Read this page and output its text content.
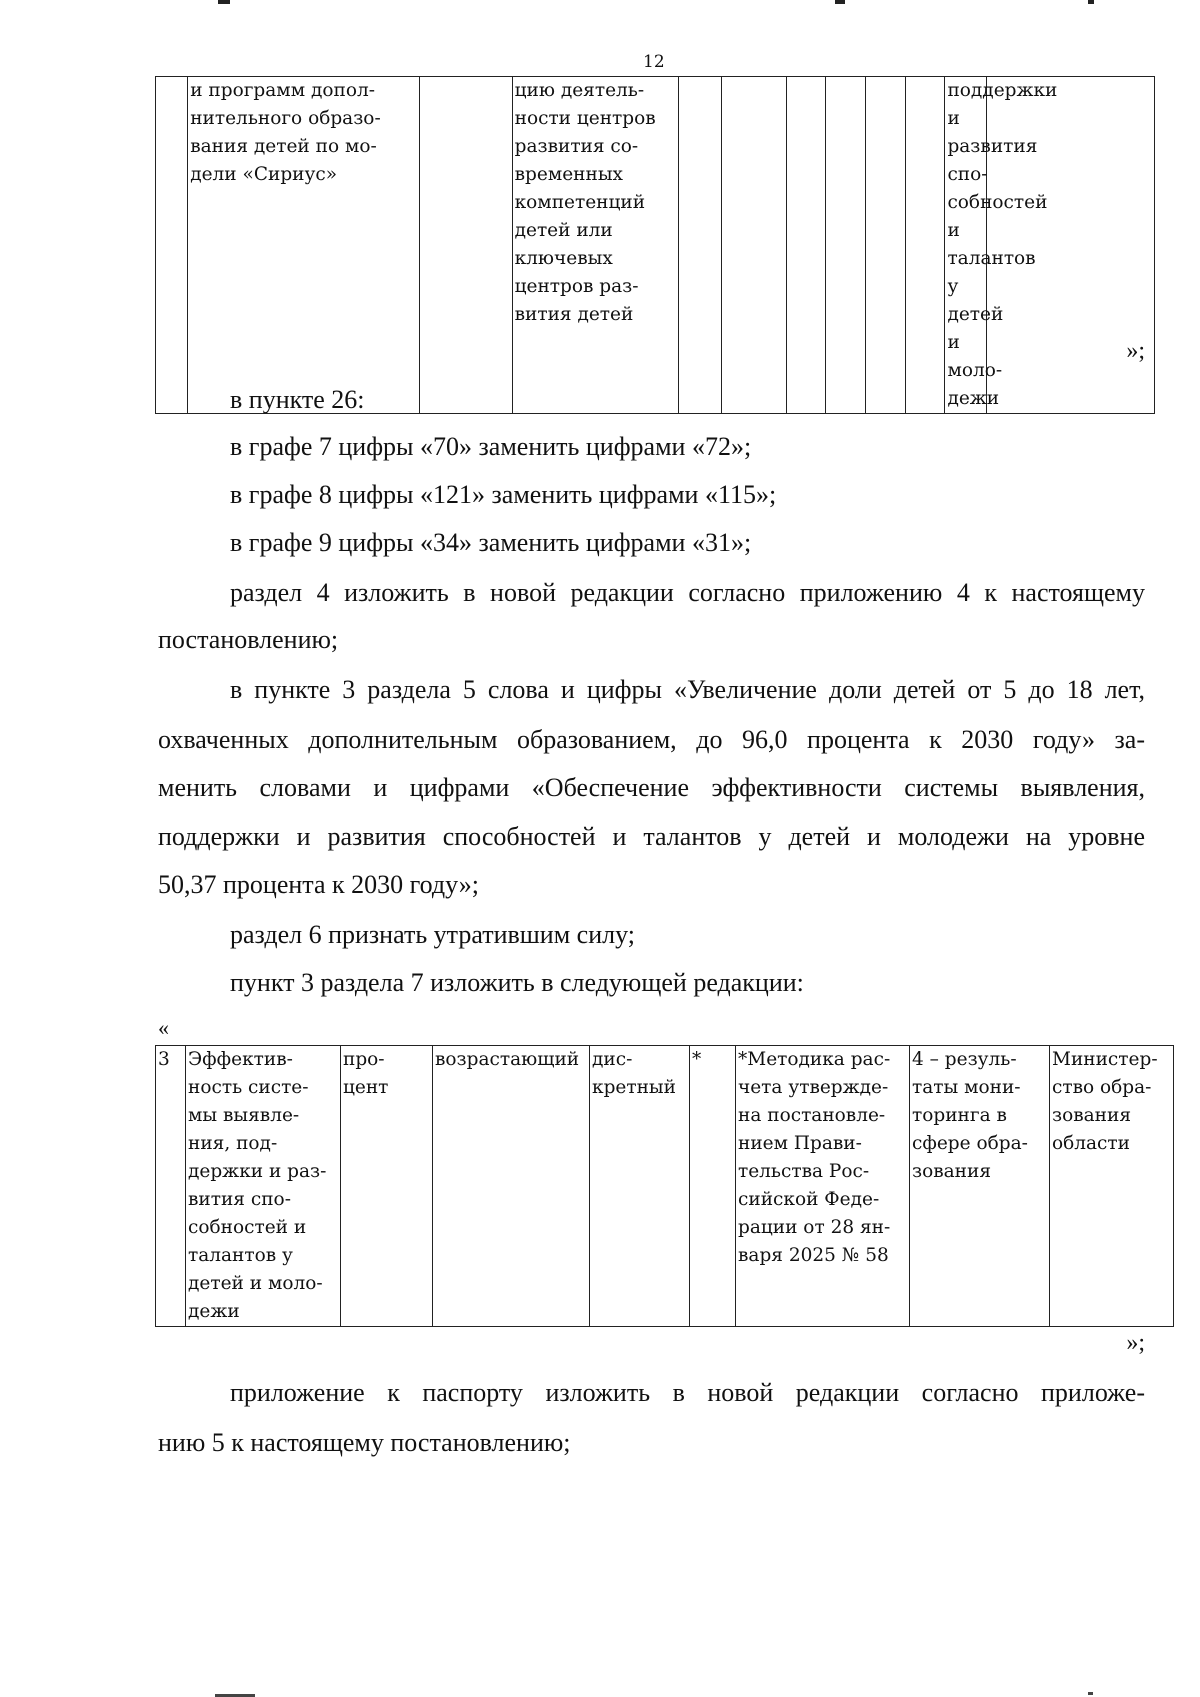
12
	и программ допол-
нительного образо-
вания детей по мо-
дели «Сириус»		цию деятель-
ности центров
развития со-
временных
компетенций
детей или
ключевых
центров раз-
вития детей							поддержки и
развития спо-
собностей и
талантов у
детей и моло-
дежи	
»;

в пункте 26:

в графе 7 цифры «70» заменить цифрами «72»;

в графе 8 цифры «121» заменить цифрами «115»;

в графе 9 цифры «34» заменить цифрами «31»;

раздел 4 изложить в новой редакции согласно приложению 4 к настоящему

постановлению;

в пункте 3 раздела 5 слова и цифры «Увеличение доли детей от 5 до 18 лет,

охваченных дополнительным образованием, до 96,0 процента к 2030 году» за-

менить словами и цифрами «Обеспечение эффективности системы выявления,

поддержки и развития способностей и талантов у детей и молодежи на уровне

50,37 процента к 2030 году»;

раздел 6 признать утратившим силу;

пункт 3 раздела 7 изложить в следующей редакции:

«
3	Эффектив-
ность систе-
мы выявле-
ния, под-
держки и раз-
вития спо-
собностей и
талантов у
детей и моло-
дежи	про-
цент	возрастающий	дис-
кретный	*	*Методика рас-
чета утвержде-
на постановле-
нием Прави-
тельства Рос-
сийской Феде-
рации от 28 ян-
варя 2025 № 58	4 – резуль-
таты мони-
торинга в
сфере обра-
зования	Министер-
ство обра-
зования
области
»;

приложение к паспорту изложить в новой редакции согласно приложе-

нию 5 к настоящему постановлению;
